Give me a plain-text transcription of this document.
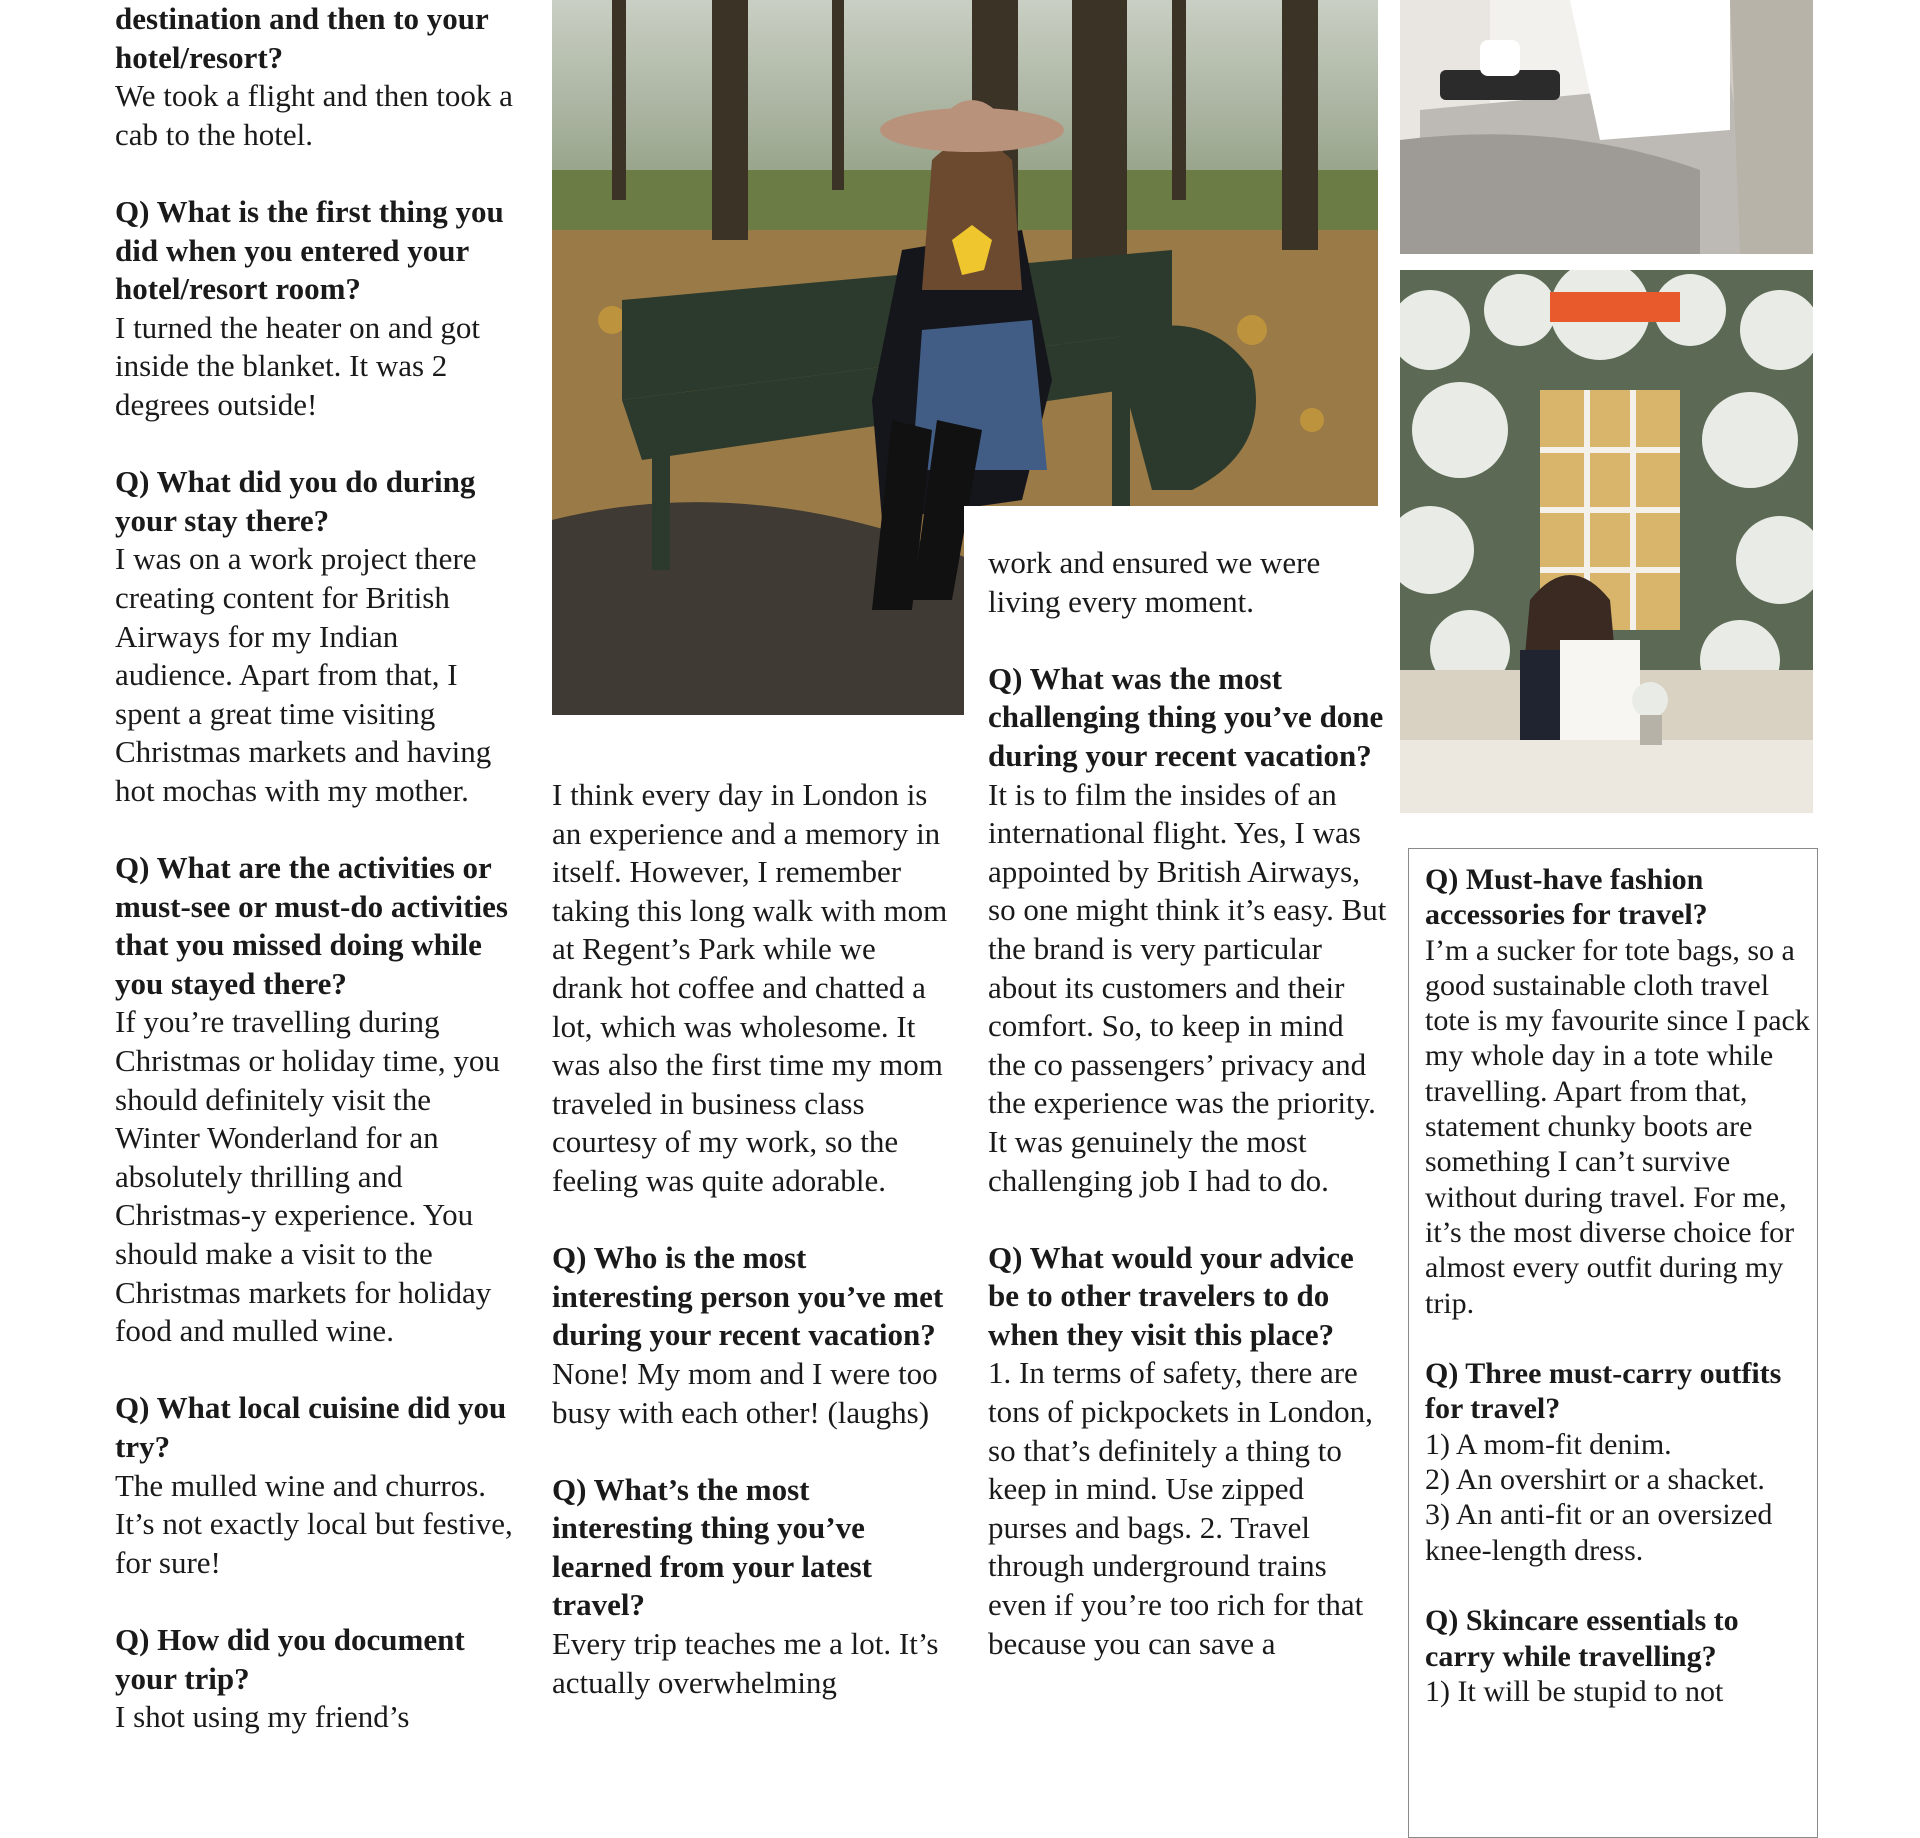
destination and then to your hotel/resort?

We took a flight and then took a cab to the hotel.

Q) What is the first thing you did when you entered your hotel/resort room?

I turned the heater on and got inside the blanket. It was 2 degrees outside!

Q) What did you do during your stay there?

I was on a work project there creating content for British Airways for my Indian audience. Apart from that, I spent a great time visiting Christmas markets and having hot mochas with my mother.

Q) What are the activities or must-see or must-do activities that you missed doing while you stayed there?

If you’re travelling during Christmas or holiday time, you should definitely visit the Winter Wonderland for an absolutely thrilling and Christmas-y experience. You should make a visit to the Christmas markets for holiday food and mulled wine.

Q) What local cuisine did you try?

The mulled wine and churros. It’s not exactly local but festive, for sure!

Q) How did you document your trip?

I shot using my friend’s

I think every day in London is an experience and a memory in itself. However, I remember taking this long walk with mom at Regent’s Park while we drank hot coffee and chatted a lot, which was wholesome. It was also the first time my mom traveled in business class courtesy of my work, so the feeling was quite adorable.

Q) Who is the most interesting person you’ve met during your recent vacation?

None! My mom and I were too busy with each other! (laughs)

Q) What’s the most interesting thing you’ve learned from your latest travel?

Every trip teaches me a lot. It’s actually overwhelming

work and ensured we were living every moment.

Q) What was the most challenging thing you’ve done during your recent vacation?

It is to film the insides of an international flight. Yes, I was appointed by British Airways, so one might think it’s easy. But the brand is very particular about its customers and their comfort. So, to keep in mind the co passengers’ privacy and the experience was the priority. It was genuinely the most challenging job I had to do.

Q) What would your advice be to other travelers to do when they visit this place?

1. In terms of safety, there are tons of pickpockets in London, so that’s definitely a thing to keep in mind. Use zipped purses and bags. 2. Travel through underground trains even if you’re too rich for that because you can save a

Q) Must-have fashion accessories for travel?

I’m a sucker for tote bags, so a good sustainable cloth travel tote is my favourite since I pack my whole day in a tote while travelling. Apart from that, statement chunky boots are something I can’t survive without during travel. For me, it’s the most diverse choice for almost every outfit during my trip.

Q) Three must-carry outfits for travel?

1) A mom-fit denim.
2) An overshirt or a shacket.
3) An anti-fit or an oversized knee-length dress.

Q) Skincare essentials to carry while travelling?

1) It will be stupid to not
